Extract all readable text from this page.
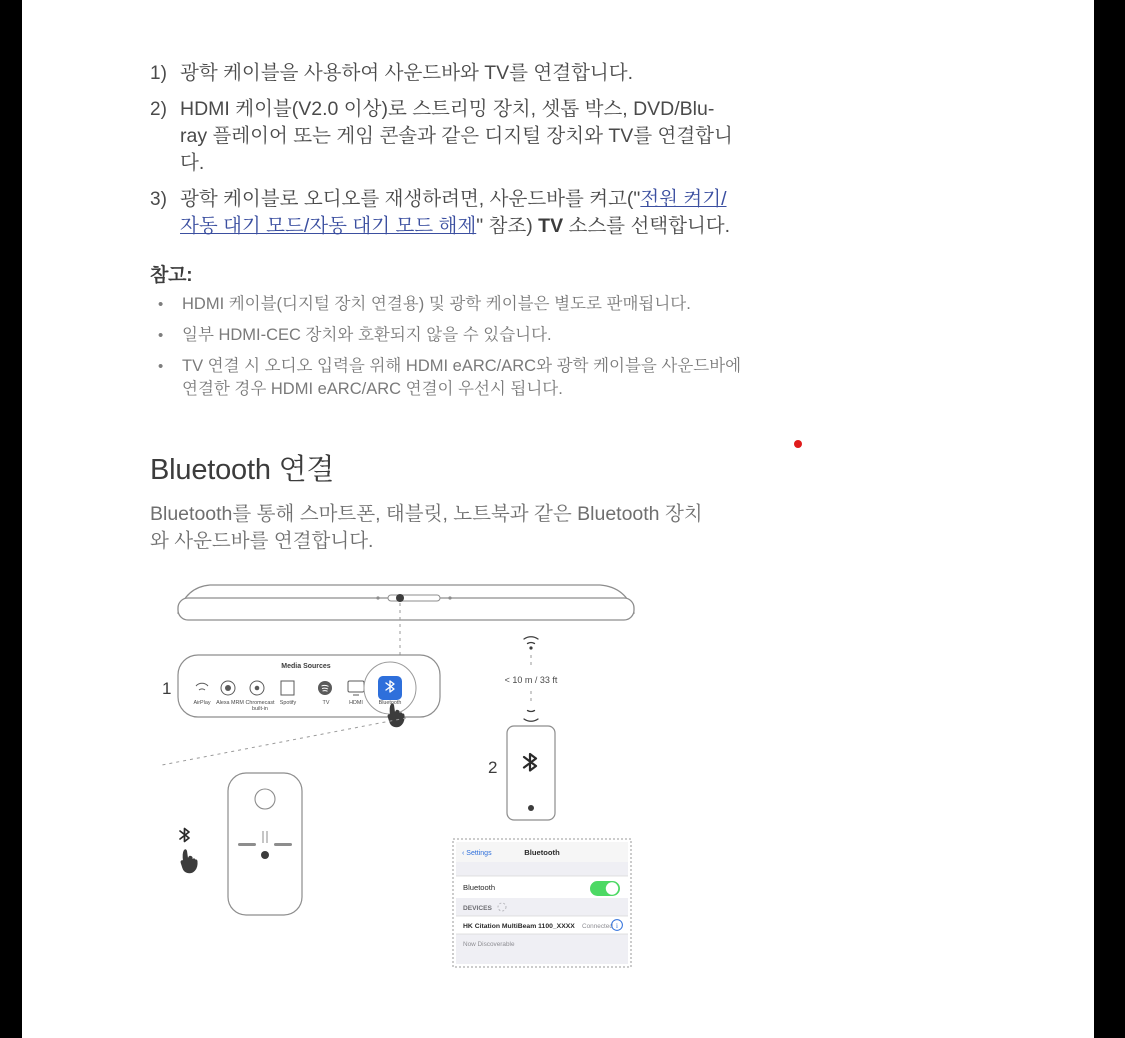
1) 광학 케이블을 사용하여 사운드바와 TV를 연결합니다.
2) HDMI 케이블(V2.0 이상)로 스트리밍 장치, 셋톱 박스, DVD/Blu-ray 플레이어 또는 게임 콘솔과 같은 디지털 장치와 TV를 연결합니다.
3) 광학 케이블로 오디오를 재생하려면, 사운드바를 켜고("전원 켜기/자동 대기 모드/자동 대기 모드 해제" 참조) TV 소스를 선택합니다.
참고:
•	HDMI 케이블(디지털 장치 연결용) 및 광학 케이블은 별도로 판매됩니다.
•	일부 HDMI-CEC 장치와 호환되지 않을 수 있습니다.
•	TV 연결 시 오디오 입력을 위해 HDMI eARC/ARC와 광학 케이블을 사운드바에 연결한 경우 HDMI eARC/ARC 연결이 우선시 됩니다.
Bluetooth 연결

Bluetooth를 통해 스마트폰, 태블릿, 노트북과 같은 Bluetooth 장치와 사운드바를 연결합니다.

Media Sources
AirPlay Alexa MRM Chromecast
built-in
Spotify	TV	HDMI	Bluetooth
1	< 10 m / 33 ft
2
‹ Settings	Bluetooth
Bluetooth
DEVICES
HK Citation MultiBeam 1100_XXXX Connected i
Now Discoverable
